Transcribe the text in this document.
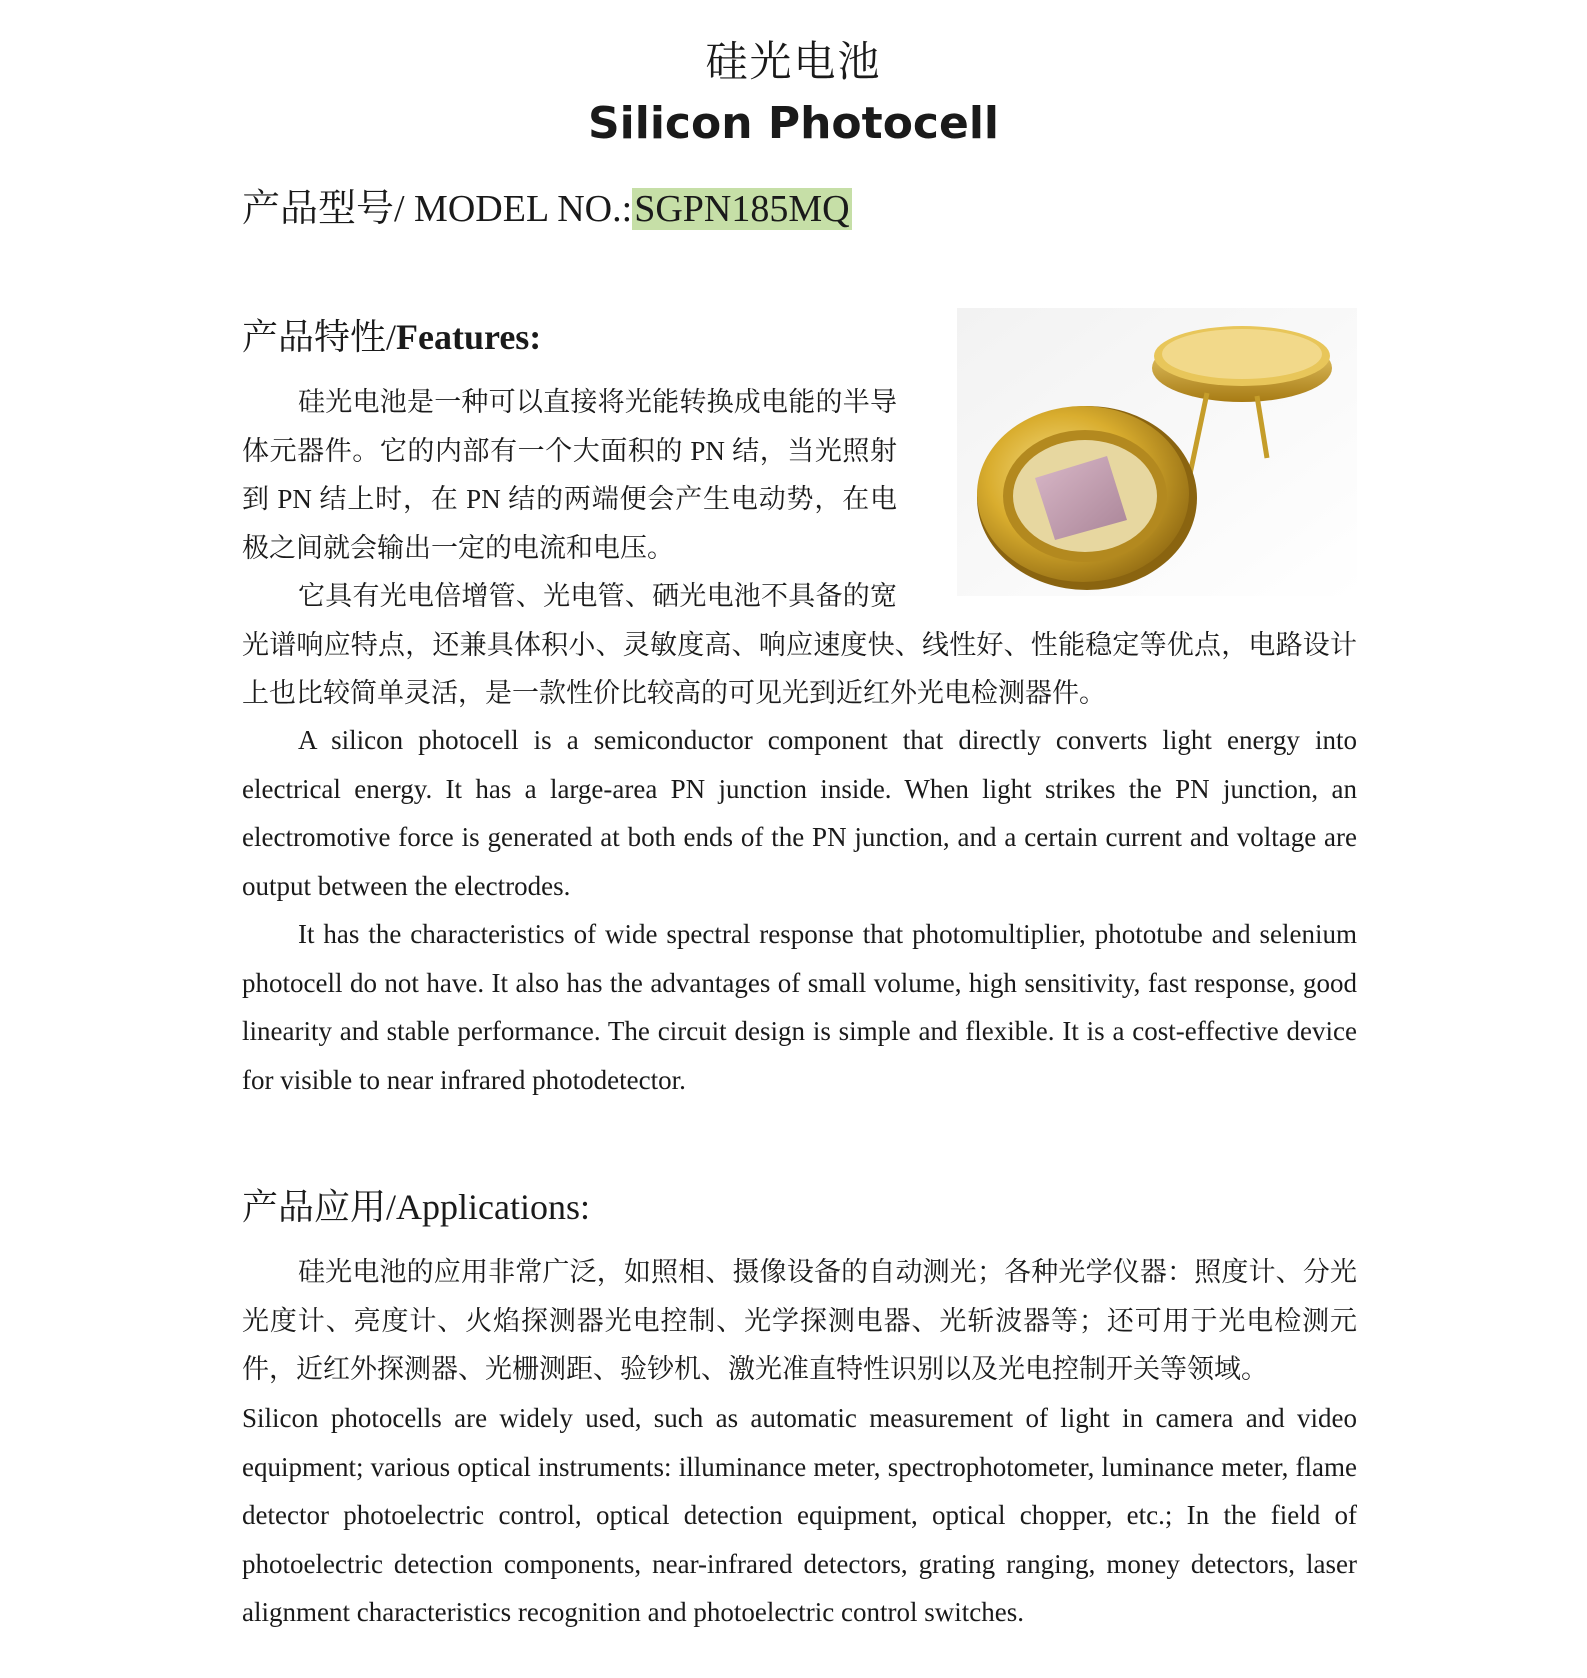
硅光电池
Silicon Photocell
产品型号/ MODEL NO.:SGPN185MQ
产品特性/Features:

硅光电池是一种可以直接将光能转换成电能的半导体元器件。它的内部有一个大面积的 PN 结，当光照射到 PN 结上时，在 PN 结的两端便会产生电动势，在电极之间就会输出一定的电流和电压。

它具有光电倍增管、光电管、硒光电池不具备的宽光谱响应特点，还兼具体积小、灵敏度高、响应速度快、线性好、性能稳定等优点，电路设计上也比较简单灵活，是一款性价比较高的可见光到近红外光电检测器件。

A silicon photocell is a semiconductor component that directly converts light energy into electrical energy. It has a large-area PN junction inside. When light strikes the PN junction, an electromotive force is generated at both ends of the PN junction, and a certain current and voltage are output between the electrodes.

It has the characteristics of wide spectral response that photomultiplier, phototube and selenium photocell do not have. It also has the advantages of small volume, high sensitivity, fast response, good linearity and stable performance. The circuit design is simple and flexible. It is a cost-effective device for visible to near infrared photodetector.

产品应用/Applications:

硅光电池的应用非常广泛，如照相、摄像设备的自动测光；各种光学仪器：照度计、分光光度计、亮度计、火焰探测器光电控制、光学探测电器、光斩波器等；还可用于光电检测元件，近红外探测器、光栅测距、验钞机、激光准直特性识别以及光电控制开关等领域。

Silicon photocells are widely used, such as automatic measurement of light in camera and video equipment; various optical instruments: illuminance meter, spectrophotometer, luminance meter, flame detector photoelectric control, optical detection equipment, optical chopper, etc.; In the field of photoelectric detection components, near-infrared detectors, grating ranging, money detectors, laser alignment characteristics recognition and photoelectric control switches.
